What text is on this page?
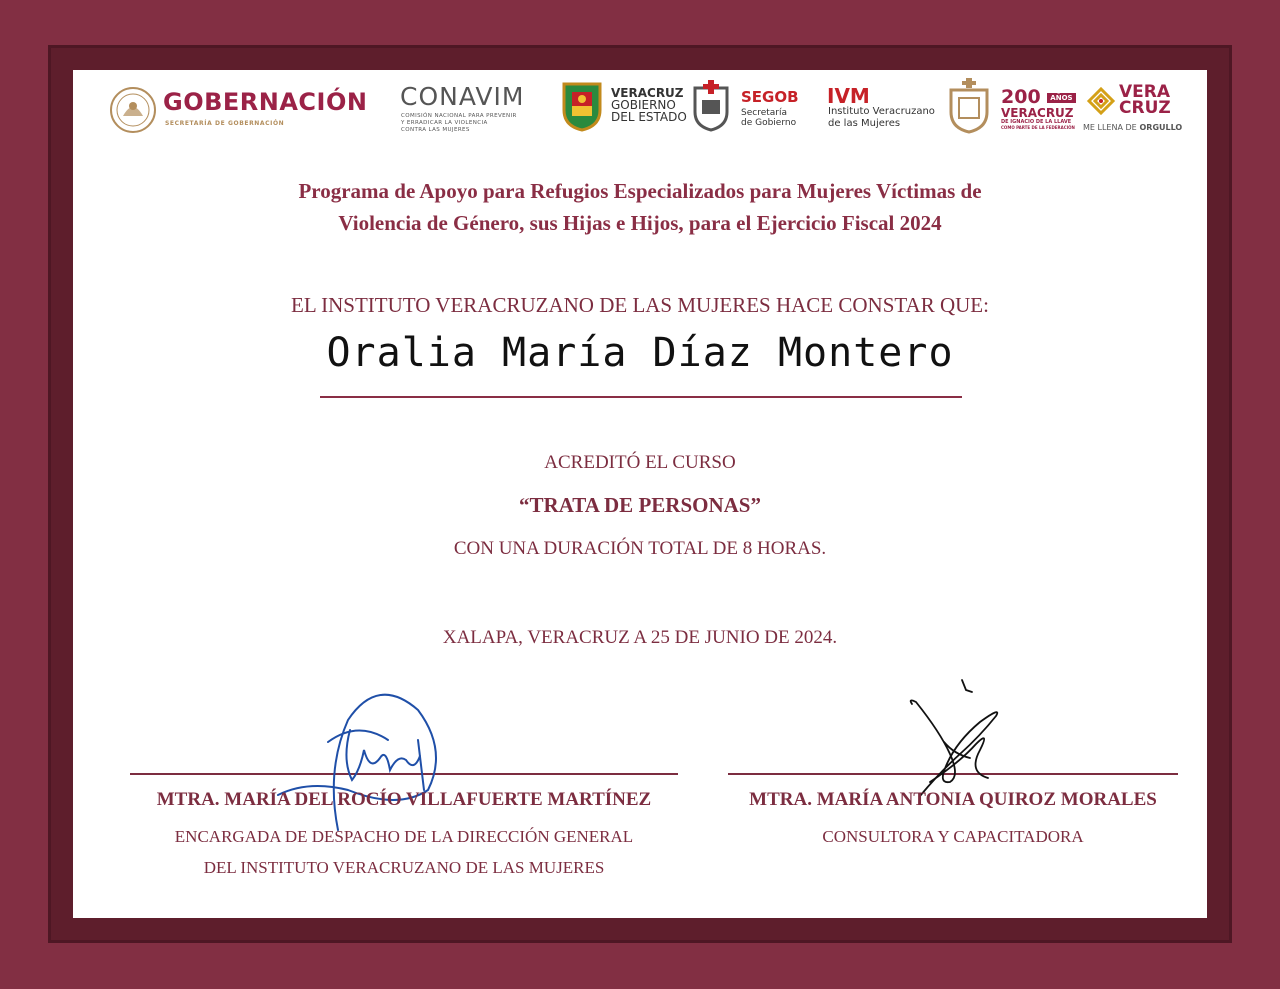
GOBERNACIÓN
SECRETARÍA DE GOBERNACIÓN
CONAVIM
COMISIÓN NACIONAL PARA PREVENIR
Y ERRADICAR LA VIOLENCIA
CONTRA LAS MUJERES
VERACRUZ
GOBIERNO
DEL ESTADO
SEGOB
Secretaría
de Gobierno
IVM
Instituto Veracruzano
de las Mujeres
200 AÑOS
VERACRUZ
DE IGNACIO DE LA LLAVE
COMO PARTE DE LA FEDERACIÓN
VERA
CRUZ
ME LLENA DE ORGULLO
Programa de Apoyo para Refugios Especializados para Mujeres Víctimas de
Violencia de Género, sus Hijas e Hijos, para el Ejercicio Fiscal 2024
EL INSTITUTO VERACRUZANO DE LAS MUJERES HACE CONSTAR QUE:
Oralia María Díaz Montero
ACREDITÓ EL CURSO
“TRATA DE PERSONAS”
CON UNA DURACIÓN TOTAL DE 8 HORAS.
XALAPA, VERACRUZ A 25 DE JUNIO DE 2024.
MTRA. MARÍA DEL ROCÍO VILLAFUERTE MARTÍNEZ
ENCARGADA DE DESPACHO DE LA DIRECCIÓN GENERAL
DEL INSTITUTO VERACRUZANO DE LAS MUJERES
MTRA. MARÍA ANTONIA QUIROZ MORALES
CONSULTORA Y CAPACITADORA
